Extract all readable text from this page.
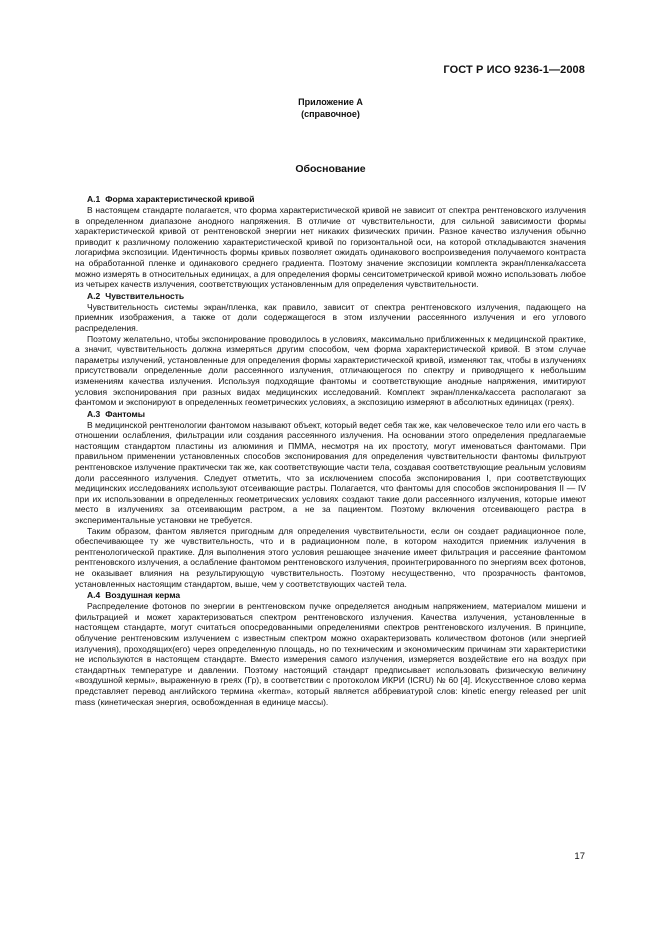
ГОСТ Р ИСО 9236-1—2008
Приложение А
(справочное)
Обоснование
А.1 Форма характеристической кривой

В настоящем стандарте полагается, что форма характеристической кривой не зависит от спектра рентгеновского излучения в определенном диапазоне анодного напряжения. В отличие от чувствительности, для сильной зависимости формы характеристической кривой от рентгеновской энергии нет никаких физических причин. Разное качество излучения обычно приводит к различному положению характеристической кривой по горизонтальной оси, на которой откладываются значения логарифма экспозиции. Идентичность формы кривых позволяет ожидать одинакового воспроизведения получаемого контраста на обработанной пленке и одинакового среднего градиента. Поэтому значение экспозиции комплекта экран/пленка/кассета можно измерять в относительных единицах, а для определения формы сенситометрической кривой можно использовать любое из четырех качеств излучения, соответствующих установленным для определения чувствительности.

А.2 Чувствительность

Чувствительность системы экран/пленка, как правило, зависит от спектра рентгеновского излучения, падающего на приемник изображения, а также от доли содержащегося в этом излучении рассеянного излучения и его углового распределения.

Поэтому желательно, чтобы экспонирование проводилось в условиях, максимально приближенных к медицинской практике, а значит, чувствительность должна измеряться другим способом, чем форма характеристической кривой. В этом случае параметры излучений, установленные для определения формы характеристической кривой, изменяют так, чтобы в излучениях присутствовали определенные доли рассеянного излучения, отличающегося по спектру и приводящего к небольшим изменениям качества излучения. Используя подходящие фантомы и соответствующие анодные напряжения, имитируют условия экспонирования при разных видах медицинских исследований. Комплект экран/пленка/кассета располагают за фантомом и экспонируют в определенных геометрических условиях, а экспозицию измеряют в абсолютных единицах (греях).

А.3 Фантомы

В медицинской рентгенологии фантомом называют объект, который ведет себя так же, как человеческое тело или его часть в отношении ослабления, фильтрации или создания рассеянного излучения. На основании этого определения предлагаемые настоящим стандартом пластины из алюминия и ПММА, несмотря на их простоту, могут именоваться фантомами. При правильном применении установленных способов экспонирования для определения чувствительности фантомы фильтруют рентгеновское излучение практически так же, как соответствующие части тела, создавая соответствующие реальным условиям доли рассеянного излучения. Следует отметить, что за исключением способа экспонирования I, при соответствующих медицинских исследованиях используют отсеивающие растры. Полагается, что фантомы для способов экспонирования II — IV при их использовании в определенных геометрических условиях создают такие доли рассеянного излучения, которые имеют место в излучениях за отсеивающим растром, а не за пациентом. Поэтому включения отсеивающего растра в экспериментальные установки не требуется.

Таким образом, фантом является пригодным для определения чувствительности, если он создает радиационное поле, обеспечивающее ту же чувствительность, что и в радиационном поле, в котором находится приемник излучения в рентгенологической практике. Для выполнения этого условия решающее значение имеет фильтрация и рассеяние фантомом рентгеновского излучения, а ослабление фантомом рентгеновского излучения, проинтегрированного по энергиям всех фотонов, не оказывает влияния на результирующую чувствительность. Поэтому несущественно, что прозрачность фантомов, установленных настоящим стандартом, выше, чем у соответствующих частей тела.

А.4 Воздушная керма

Распределение фотонов по энергии в рентгеновском пучке определяется анодным напряжением, материалом мишени и фильтрацией и может характеризоваться спектром рентгеновского излучения. Качества излучения, установленные в настоящем стандарте, могут считаться опосредованными определениями спектров рентгеновского излучения. В принципе, облучение рентгеновским излучением с известным спектром можно охарактеризовать количеством фотонов (или энергией излучения), проходящих(его) через определенную площадь, но по техническим и экономическим причинам эти характеристики не используются в настоящем стандарте. Вместо измерения самого излучения, измеряется воздействие его на воздух при стандартных температуре и давлении. Поэтому настоящий стандарт предписывает использовать физическую величину «воздушной кермы», выраженную в греях (Гр), в соответствии с протоколом ИКРИ (ICRU) № 60 [4]. Искусственное слово керма представляет перевод английского термина «kerma», который является аббревиатурой слов: kinetic energy released per unit mass (кинетическая энергия, освобожденная в единице массы).

17
